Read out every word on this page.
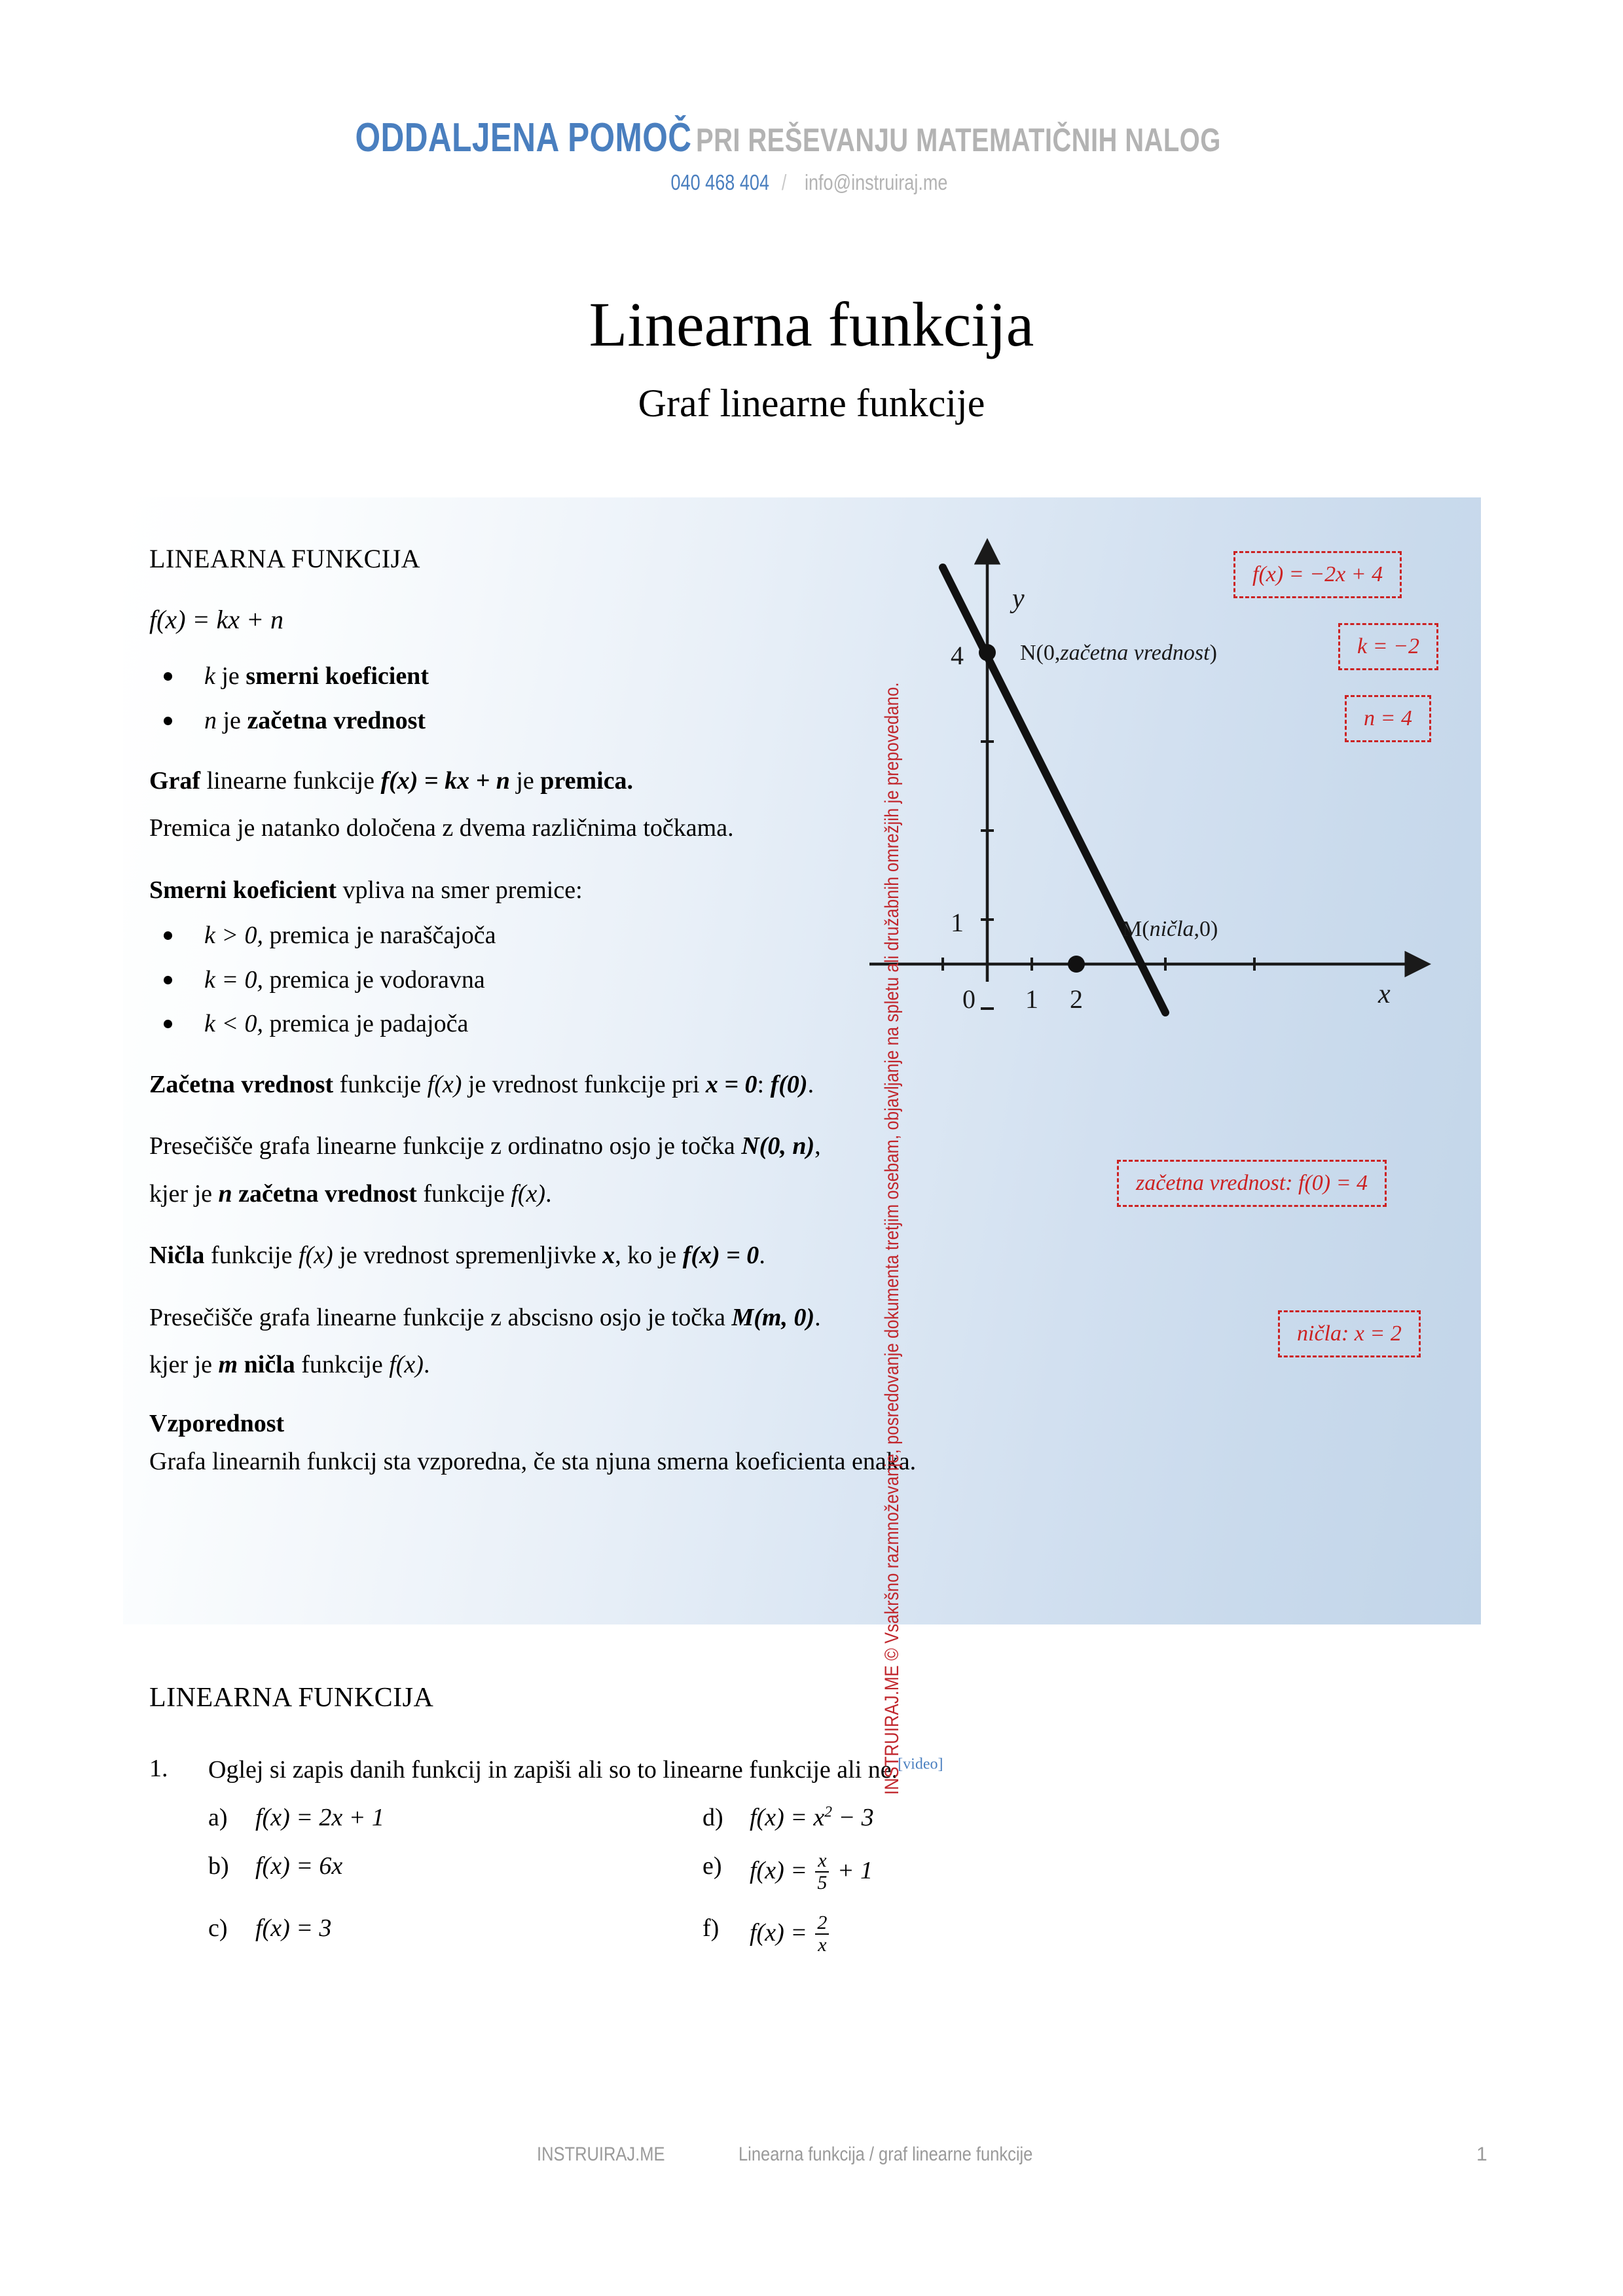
ODDALJENA POMOČ PRI REŠEVANJU MATEMATIČNIH NALOG
040 468 404 / info@instruiraj.me
Linearna funkcija
Graf linearne funkcije
LINEARNA FUNKCIJA
f(x) = kx + n
k je smerni koeficient
n je začetna vrednost

Graf linearne funkcije f(x) = kx + n je premica.

Premica je natanko določena z dvema različnima točkama.

Smerni koeficient vpliva na smer premice:

k > 0, premica je naraščajoča
k = 0, premica je vodoravna
k < 0, premica je padajoča

Začetna vrednost funkcije f(x) je vrednost funkcije pri x = 0: f(0).

Presečišče grafa linearne funkcije z ordinatno osjo je točka N(0, n),

kjer je n začetna vrednost funkcije f(x).

Ničla funkcije f(x) je vrednost spremenljivke x, ko je f(x) = 0.

Presečišče grafa linearne funkcije z abscisno osjo je točka M(m, 0).

kjer je m ničla funkcije f(x).

Vzporednost

Grafa linearnih funkcij sta vzporedna, če sta njuna smerna koeficienta enaka.

y
x
4
1
0 1 2
N(0,začetna vrednost)
M(ničla,0)
f(x) = −2x + 4
k = −2
n = 4
začetna vrednost: f(0) = 4
ničla: x = 2
LINEARNA FUNKCIJA
1.	Oglej si zapis danih funkcij in zapiši ali so to linearne funkcije ali ne.[video]
a)	f(x) = 2x + 1	d)	$f(x) = x^2 - 3$
b)	f(x) = 6x	e)	$f(x) = \frac{x}{5} + 1$
c)	f(x) = 3	f)	$f(x) = \frac{2}{x}$
INSTRUIRAJ.ME © Vsakršno razmnoževanje, posredovanje dokumenta tretjim osebam, objavljanje na spletu ali družabnih omrežjih je prepovedano.
INSTRUIRAJ.ME	Linearna funkcija / graf linearne funkcije	1
